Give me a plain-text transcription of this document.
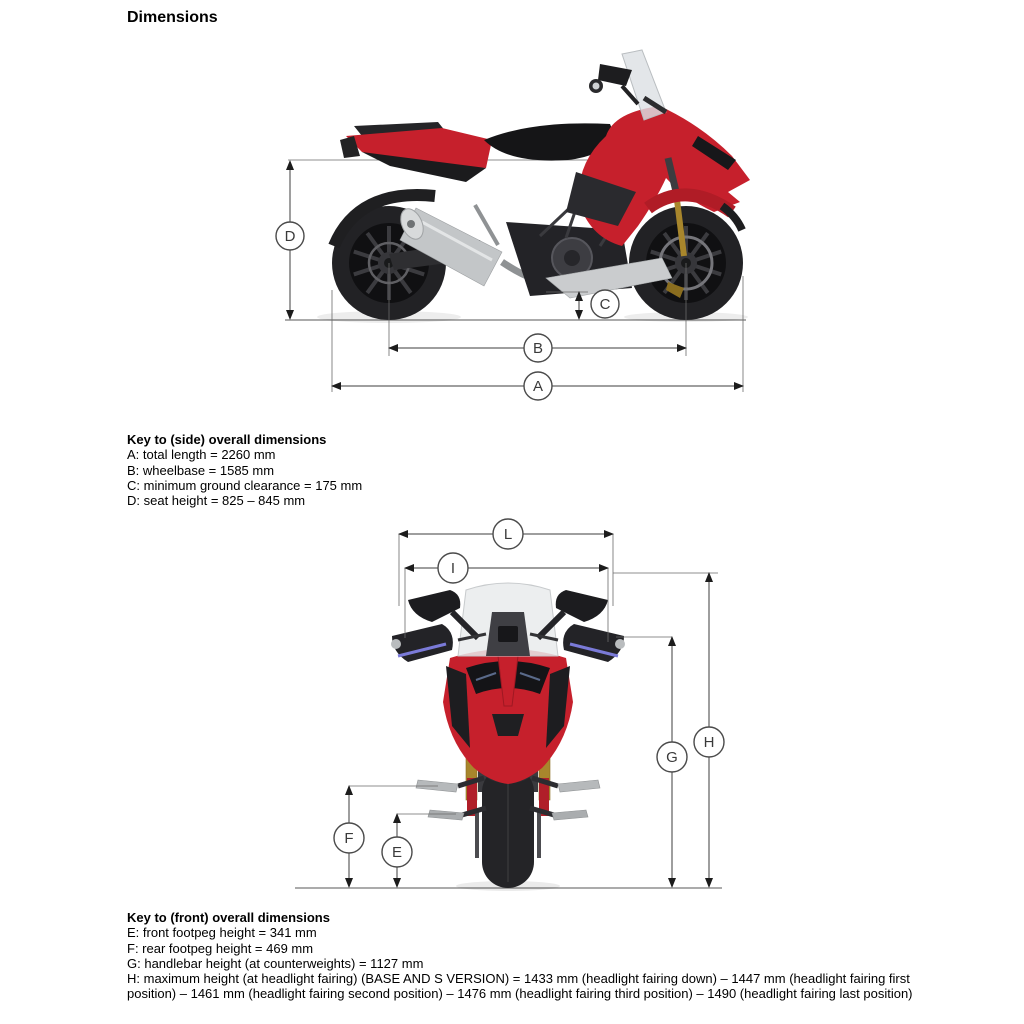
Dimensions
D
C
B
A
Key to (side) overall dimensions
A: total length = 2260 mm
B: wheelbase = 1585 mm
C: minimum ground clearance = 175 mm
D: seat height = 825 – 845 mm
L
I
H
G
F
E
Key to (front) overall dimensions
E: front footpeg height = 341 mm
F: rear footpeg height = 469 mm
G: handlebar height (at counterweights) = 1127 mm
H: maximum height (at headlight fairing) (BASE AND S VERSION) = 1433 mm (headlight fairing down) – 1447 mm (headlight fairing first position) – 1461 mm (headlight fairing second position) – 1476 mm (headlight fairing third position) – 1490 (headlight fairing last position)
